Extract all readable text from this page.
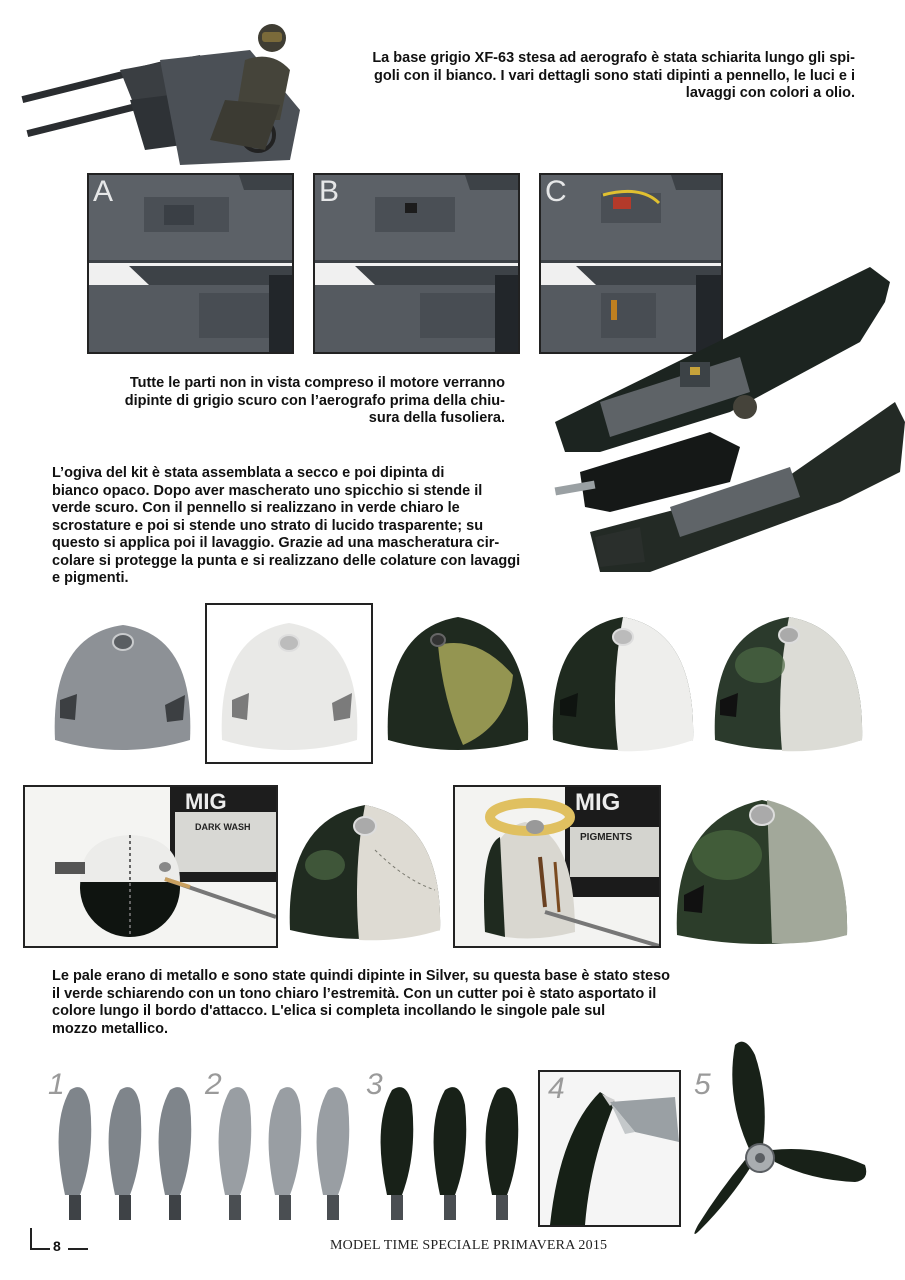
La base grigio XF-63 stesa ad aerografo è stata schiarita lungo gli spi-
goli con il bianco. I vari dettagli sono stati dipinti a pennello, le luci e i
lavaggi con colori a olio.

A	B	C

Tutte le parti non in vista compreso il motore verranno
dipinte di grigio scuro con l’aerografo prima della chiu-
sura della fusoliera.

L’ogiva del kit è stata assemblata a secco e poi dipinta di
bianco opaco. Dopo aver mascherato uno spicchio si stende il
verde scuro. Con il pennello si realizzano in verde chiaro le
scrostature e poi si stende uno strato di lucido trasparente; su
questo si applica poi il lavaggio. Grazie ad una mascheratura cir-
colare si protegge la punta e si realizzano delle colature con lavaggi
e pigmenti.

MIG
DARK WASH
MIG
PIGMENTS

Le pale erano di metallo e sono state quindi dipinte in Silver, su questa base è stato steso
il verde schiarendo con un tono chiaro l’estremità. Con un cutter poi è stato asportato il
colore lungo il bordo d'attacco. L'elica si completa incollando le singole pale sul
mozzo metallico.

1	2	3	4	5
8	MODEL TIME SPECIALE PRIMAVERA 2015
